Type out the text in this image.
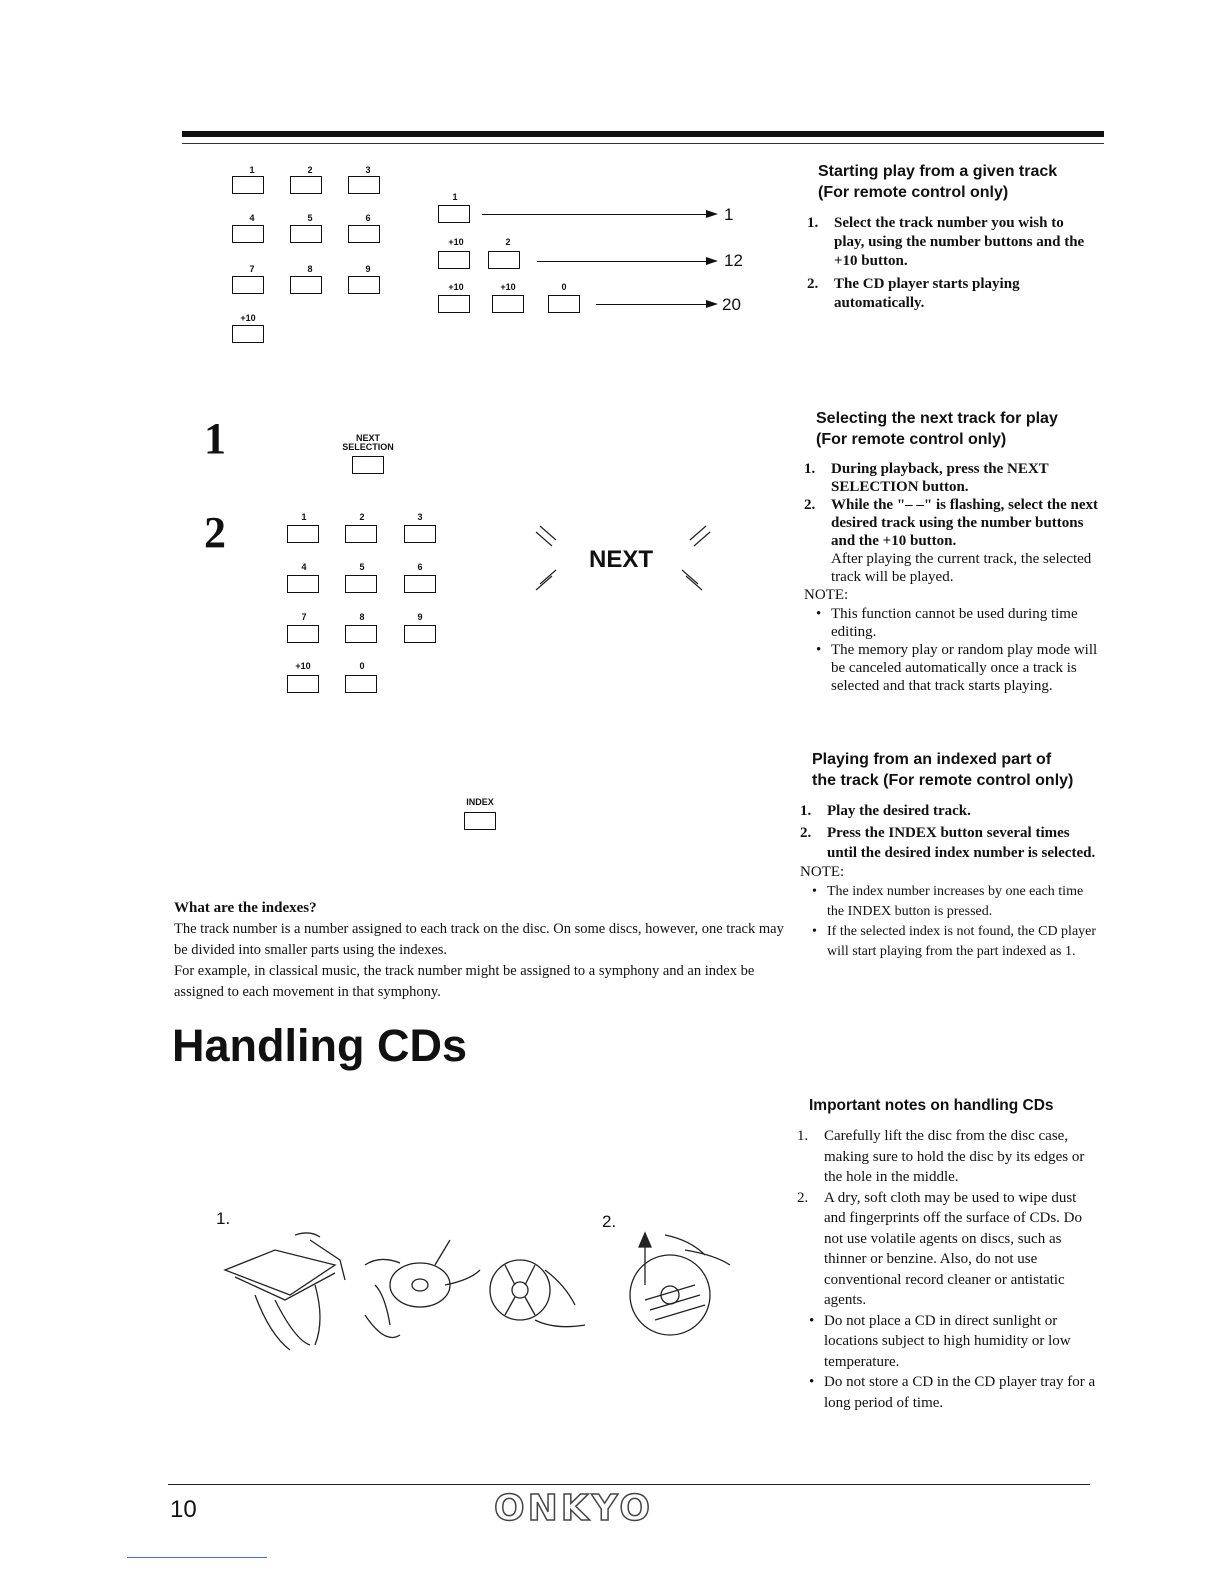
1	2	3
4	5	6
7	8	9
+10
1
1
+10	2
12
+10	+10	0
20
1	NEXT SELECTION
2	1	2	3
4	5	6
7	8	9
+10	0
NEXT
INDEX
Starting play from a given track
(For remote control only)
1. Select the track number you wish to play, using the number buttons and the +10 button.
2. The CD player starts playing automatically.
Selecting the next track for play
(For remote control only)
1. During playback, press the NEXT SELECTION button.
2. While the "– –" is flashing, select the next desired track using the number buttons and the +10 button.
After playing the current track, the selected track will be played.
NOTE:
• This function cannot be used during time editing.
• The memory play or random play mode will be canceled automatically once a track is selected and that track starts playing.
Playing from an indexed part of
the track (For remote control only)
1. Play the desired track.
2. Press the INDEX button several times until the desired index number is selected.
NOTE:
• The index number increases by one each time the INDEX button is pressed.
• If the selected index is not found, the CD player will start playing from the part indexed as 1.
What are the indexes?
The track number is a number assigned to each track on the disc. On some discs, however, one track may be divided into smaller parts using the indexes.
For example, in classical music, the track number might be assigned to a symphony and an index be assigned to each movement in that symphony.
Handling CDs
1.	2.
Important notes on handling CDs
1. Carefully lift the disc from the disc case, making sure to hold the disc by its edges or the hole in the middle.
2. A dry, soft cloth may be used to wipe dust and fingerprints off the surface of CDs. Do not use volatile agents on discs, such as thinner or benzine. Also, do not use conventional record cleaner or antistatic agents.
• Do not place a CD in direct sunlight or locations subject to high humidity or low temperature.
• Do not store a CD in the CD player tray for a long period of time.
10	ONKYO
